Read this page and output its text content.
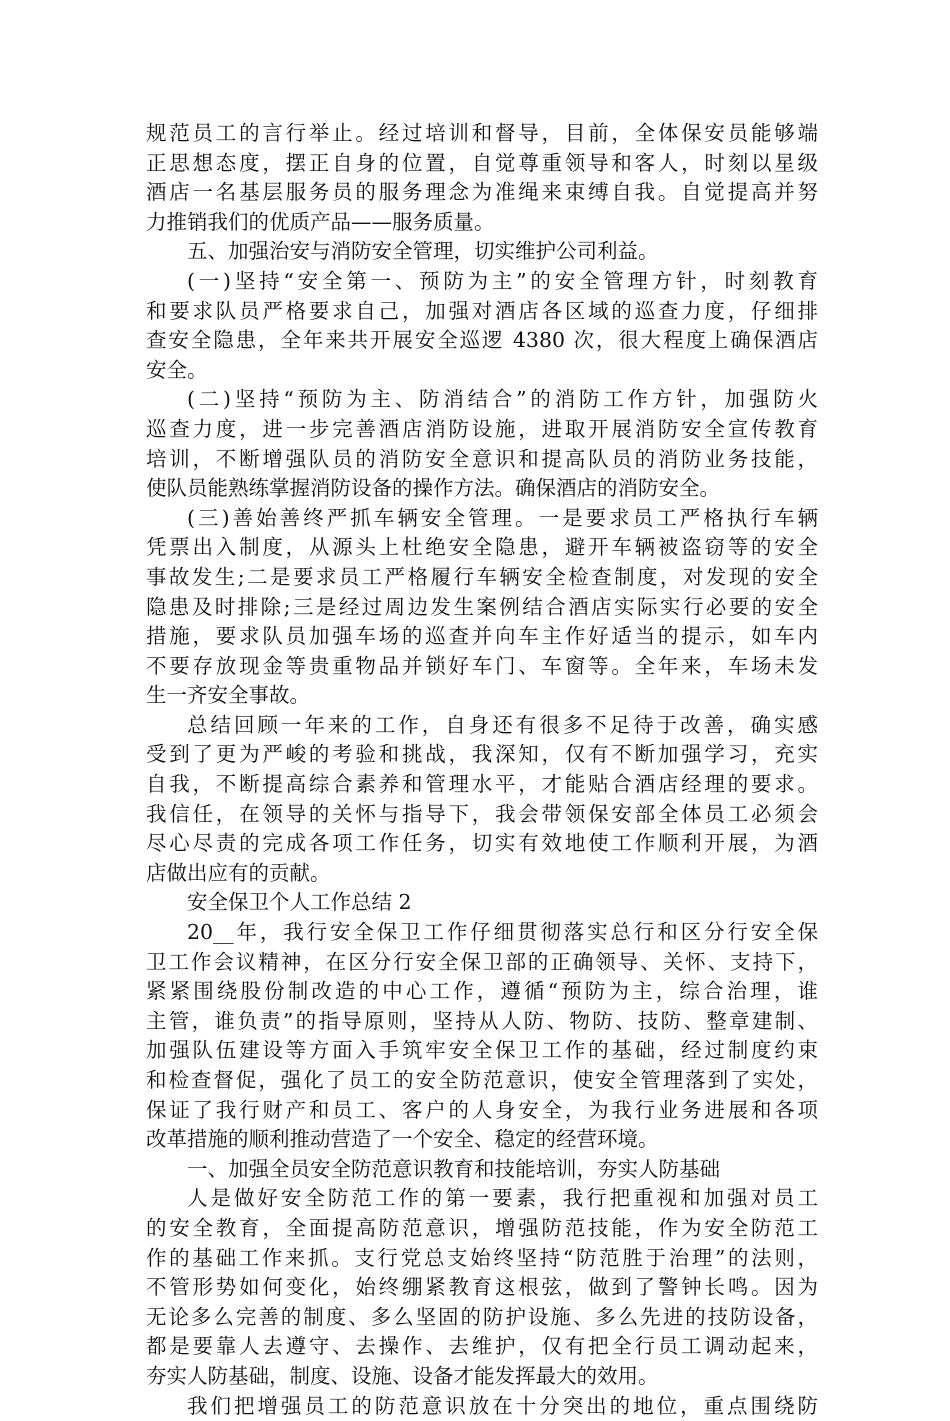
规范员工的言行举止。经过培训和督导，目前，全体保安员能够端
正思想态度，摆正自身的位置，自觉尊重领导和客人，时刻以星级
酒店一名基层服务员的服务理念为准绳来束缚自我。自觉提高并努
力推销我们的优质产品——服务质量。
五、加强治安与消防安全管理，切实维护公司利益。
(一)坚持“安全第一、预防为主”的安全管理方针，时刻教育
和要求队员严格要求自己，加强对酒店各区域的巡查力度，仔细排
查安全隐患，全年来共开展安全巡逻 4380 次，很大程度上确保酒店
安全。
(二)坚持“预防为主、防消结合”的消防工作方针，加强防火
巡查力度，进一步完善酒店消防设施，进取开展消防安全宣传教育
培训，不断增强队员的消防安全意识和提高队员的消防业务技能，
使队员能熟练掌握消防设备的操作方法。确保酒店的消防安全。
(三)善始善终严抓车辆安全管理。一是要求员工严格执行车辆
凭票出入制度，从源头上杜绝安全隐患，避开车辆被盗窃等的安全
事故发生;二是要求员工严格履行车辆安全检查制度，对发现的安全
隐患及时排除;三是经过周边发生案例结合酒店实际实行必要的安全
措施，要求队员加强车场的巡查并向车主作好适当的提示，如车内
不要存放现金等贵重物品并锁好车门、车窗等。全年来，车场未发
生一齐安全事故。
总结回顾一年来的工作，自身还有很多不足待于改善，确实感
受到了更为严峻的考验和挑战，我深知，仅有不断加强学习，充实
自我，不断提高综合素养和管理水平，才能贴合酒店经理的要求。
我信任，在领导的关怀与指导下，我会带领保安部全体员工必须会
尽心尽责的完成各项工作任务，切实有效地使工作顺利开展，为酒
店做出应有的贡献。
安全保卫个人工作总结 2
20__年，我行安全保卫工作仔细贯彻落实总行和区分行安全保
卫工作会议精神，在区分行安全保卫部的正确领导、关怀、支持下，
紧紧围绕股份制改造的中心工作，遵循“预防为主，综合治理，谁
主管，谁负责”的指导原则，坚持从人防、物防、技防、整章建制、
加强队伍建设等方面入手筑牢安全保卫工作的基础，经过制度约束
和检查督促，强化了员工的安全防范意识，使安全管理落到了实处，
保证了我行财产和员工、客户的人身安全，为我行业务进展和各项
改革措施的顺利推动营造了一个安全、稳定的经营环境。
一、加强全员安全防范意识教育和技能培训，夯实人防基础
人是做好安全防范工作的第一要素，我行把重视和加强对员工
的安全教育，全面提高防范意识，增强防范技能，作为安全防范工
作的基础工作来抓。支行党总支始终坚持“防范胜于治理”的法则，
不管形势如何变化，始终绷紧教育这根弦，做到了警钟长鸣。因为
无论多么完善的制度、多么坚固的防护设施、多么先进的技防设备，
都是要靠人去遵守、去操作、去维护，仅有把全行员工调动起来，
夯实人防基础，制度、设施、设备才能发挥最大的效用。
我们把增强员工的防范意识放在十分突出的地位，重点围绕防
